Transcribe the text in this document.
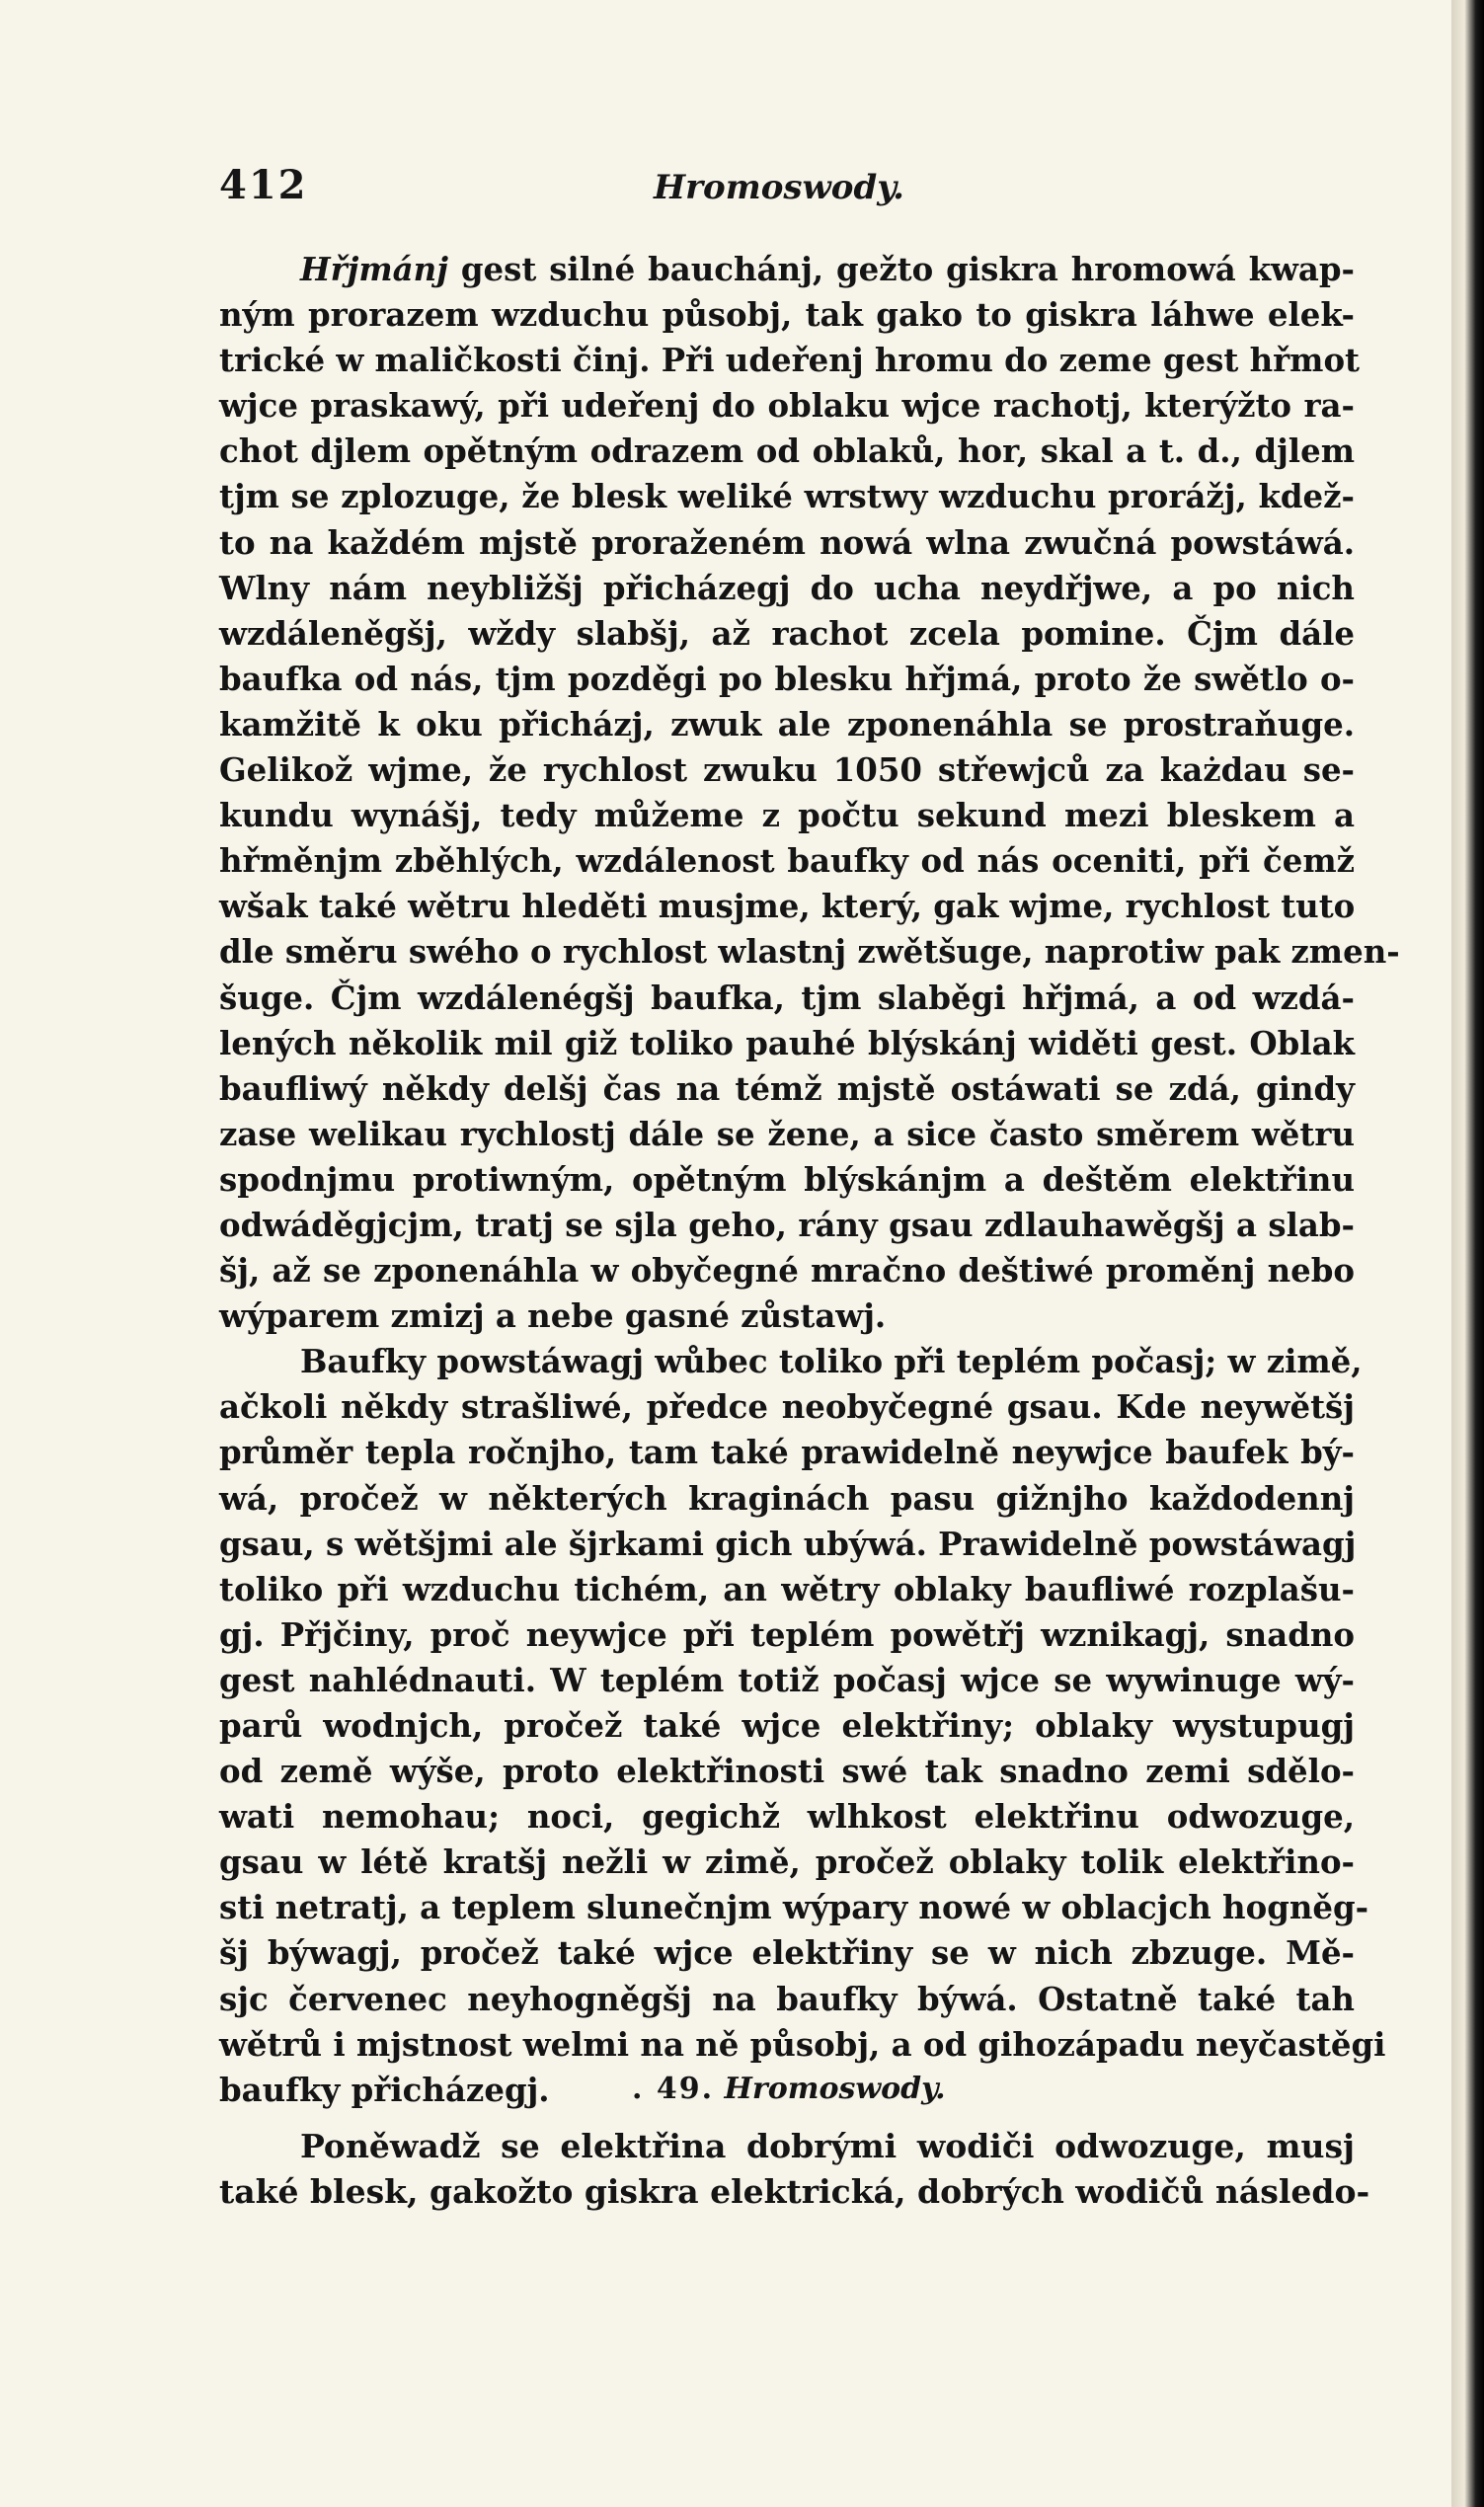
412	Hromoswody.
Hřjmánj gest silné bauchánj, gežto giskra hromowá kwap-
ným prorazem wzduchu působj, tak gako to giskra láhwe elek-
trické w maličkosti činj. Při udeřenj hromu do zeme gest hřmot
wjce praskawý, při udeřenj do oblaku wjce rachotj, kterýžto ra-
chot djlem opětným odrazem od oblaků, hor, skal a t. d., djlem
tjm se zplozuge, že blesk weliké wrstwy wzduchu prorážj, kdež-
to na každém mjstě proraženém nowá wlna zwučná powstáwá.
Wlny nám neybližšj přicházegj do ucha neydřjwe, a po nich
wzdáleněgšj, wždy slabšj, až rachot zcela pomine. Čjm dále
baufka od nás, tjm pozděgi po blesku hřjmá, proto že swětlo o-
kamžitě k oku přicházj, zwuk ale zponenáhla se prostraňuge.
Gelikož wjme, že rychlost zwuku 1050 střewjců za każdau se-
kundu wynášj, tedy můžeme z počtu sekund mezi bleskem a
hřměnjm zběhlých, wzdálenost baufky od nás oceniti, při čemž
wšak také wětru hleděti musjme, který, gak wjme, rychlost tuto
dle směru swého o rychlost wlastnj zwětšuge, naprotiw pak zmen-
šuge. Čjm wzdálenégšj baufka, tjm slaběgi hřjmá, a od wzdá-
lených několik mil giž toliko pauhé blýskánj widěti gest. Oblak
baufliwý někdy delšj čas na témž mjstě ostáwati se zdá, gindy
zase welikau rychlostj dále se žene, a sice často směrem wětru
spodnjmu protiwným, opětným blýskánjm a deštěm elektřinu
odwáděgjcjm, tratj se sjla geho, rány gsau zdlauhawěgšj a slab-
šj, až se zponenáhla w obyčegné mračno deštiwé proměnj nebo
wýparem zmizj a nebe gasné zůstawj.
Baufky powstáwagj wůbec toliko při teplém počasj; w zimě,
ačkoli někdy strašliwé, předce neobyčegné gsau. Kde neywětšj
průměr tepla ročnjho, tam také prawidelně neywjce baufek bý-
wá, pročež w některých kraginách pasu gižnjho každodennj
gsau, s wětšjmi ale šjrkami gich ubýwá. Prawidelně powstáwagj
toliko při wzduchu tichém, an wětry oblaky baufliwé rozplašu-
gj. Přjčiny, proč neywjce při teplém powětřj wznikagj, snadno
gest nahlédnauti. W teplém totiž počasj wjce se wywinuge wý-
parů wodnjch, pročež také wjce elektřiny; oblaky wystupugj
od země wýše, proto elektřinosti swé tak snadno zemi sdělo-
wati nemohau; noci, gegichž wlhkost elektřinu odwozuge,
gsau w létě kratšj nežli w zimě, pročež oblaky tolik elektřino-
sti netratj, a teplem slunečnjm wýpary nowé w oblacjch hogněg-
šj býwagj, pročež také wjce elektřiny se w nich zbzuge. Mě-
sjc červenec neyhogněgšj na baufky býwá. Ostatně také tah
wětrů i mjstnost welmi na ně působj, a od gihozápadu neyčastěgi
baufky přicházegj.	. 49. Hromoswody.
Poněwadž se elektřina dobrými wodiči odwozuge, musj
také blesk, gakožto giskra elektrická, dobrých wodičů následo-
